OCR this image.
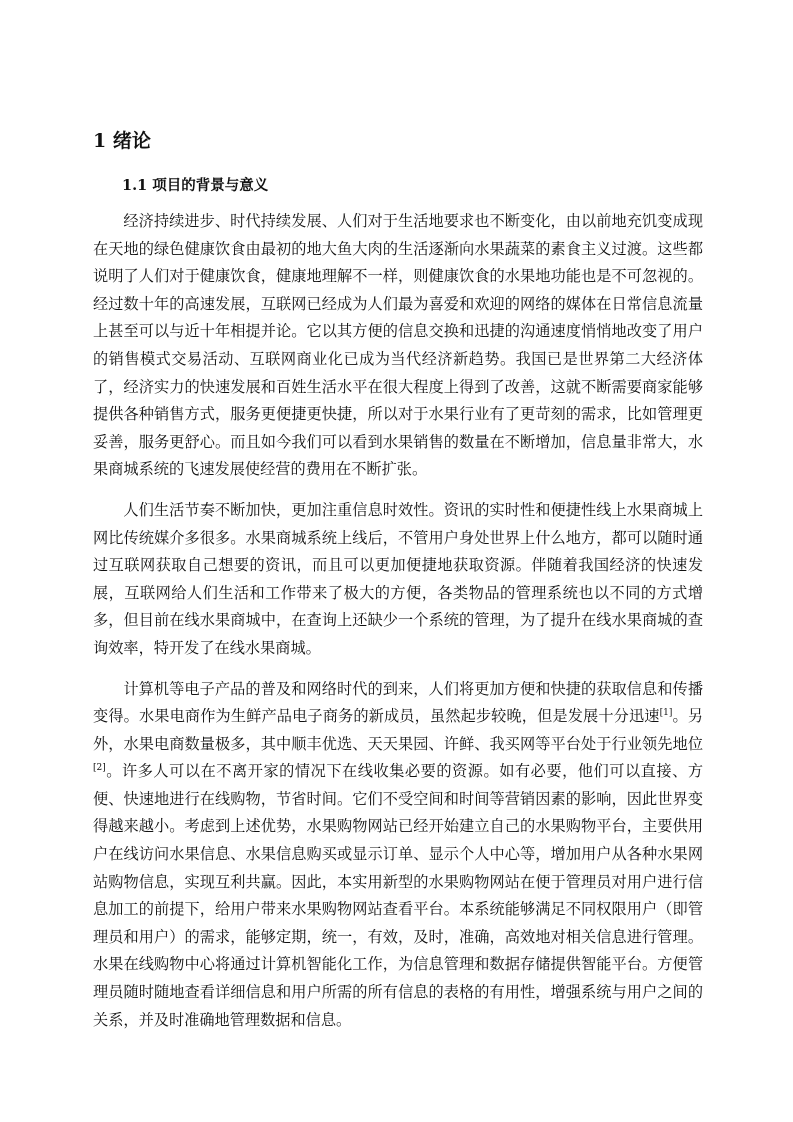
1 绪论
1.1 项目的背景与意义

经济持续进步、时代持续发展、人们对于生活地要求也不断变化，由以前地充饥变成现在天地的绿色健康饮食由最初的地大鱼大肉的生活逐渐向水果蔬菜的素食主义过渡。这些都说明了人们对于健康饮食，健康地理解不一样，则健康饮食的水果地功能也是不可忽视的。经过数十年的高速发展，互联网已经成为人们最为喜爱和欢迎的网络的媒体在日常信息流量上甚至可以与近十年相提并论。它以其方便的信息交换和迅捷的沟通速度悄悄地改变了用户的销售模式交易活动、互联网商业化已成为当代经济新趋势。我国已是世界第二大经济体了，经济实力的快速发展和百姓生活水平在很大程度上得到了改善，这就不断需要商家能够提供各种销售方式，服务更便捷更快捷，所以对于水果行业有了更苛刻的需求，比如管理更妥善，服务更舒心。而且如今我们可以看到水果销售的数量在不断增加，信息量非常大，水果商城系统的飞速发展使经营的费用在不断扩张。

人们生活节奏不断加快，更加注重信息时效性。资讯的实时性和便捷性线上水果商城上网比传统媒介多很多。水果商城系统上线后，不管用户身处世界上什么地方，都可以随时通过互联网获取自己想要的资讯，而且可以更加便捷地获取资源。伴随着我国经济的快速发展，互联网给人们生活和工作带来了极大的方便，各类物品的管理系统也以不同的方式增多，但目前在线水果商城中，在查询上还缺少一个系统的管理，为了提升在线水果商城的查询效率，特开发了在线水果商城。

计算机等电子产品的普及和网络时代的到来，人们将更加方便和快捷的获取信息和传播变得。水果电商作为生鲜产品电子商务的新成员，虽然起步较晚，但是发展十分迅速[1]。另外，水果电商数量极多，其中顺丰优选、天天果园、许鲜、我买网等平台处于行业领先地位[2]。许多人可以在不离开家的情况下在线收集必要的资源。如有必要，他们可以直接、方便、快速地进行在线购物，节省时间。它们不受空间和时间等营销因素的影响，因此世界变得越来越小。考虑到上述优势，水果购物网站已经开始建立自己的水果购物平台，主要供用户在线访问水果信息、水果信息购买或显示订单、显示个人中心等，增加用户从各种水果网站购物信息，实现互利共赢。因此，本实用新型的水果购物网站在便于管理员对用户进行信息加工的前提下，给用户带来水果购物网站查看平台。本系统能够满足不同权限用户（即管理员和用户）的需求，能够定期，统一，有效，及时，准确，高效地对相关信息进行管理。水果在线购物中心将通过计算机智能化工作，为信息管理和数据存储提供智能平台。方便管理员随时随地查看详细信息和用户所需的所有信息的表格的有用性，增强系统与用户之间的关系，并及时准确地管理数据和信息。
